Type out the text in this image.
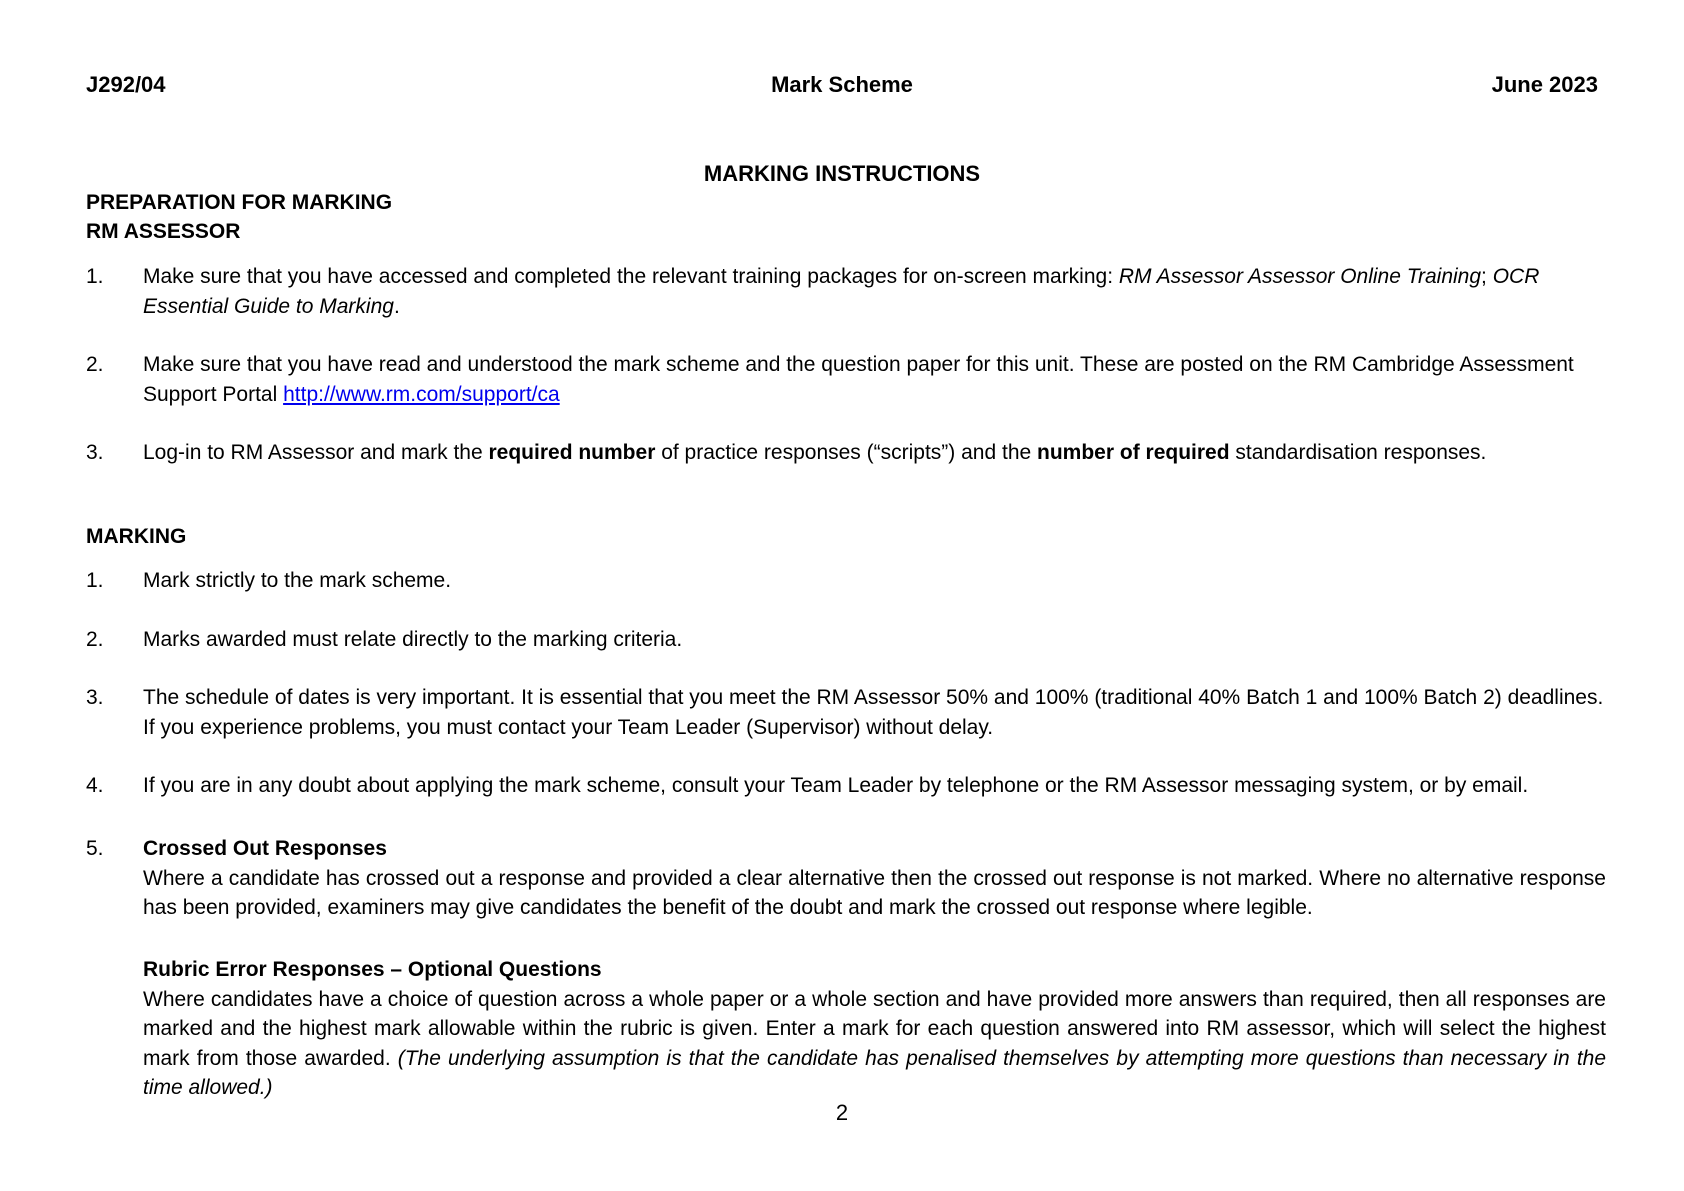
J292/04	Mark Scheme	June 2023
MARKING INSTRUCTIONS
PREPARATION FOR MARKING
RM ASSESSOR
1. Make sure that you have accessed and completed the relevant training packages for on-screen marking: RM Assessor Assessor Online Training; OCR Essential Guide to Marking.
2. Make sure that you have read and understood the mark scheme and the question paper for this unit. These are posted on the RM Cambridge Assessment Support Portal http://www.rm.com/support/ca
3. Log-in to RM Assessor and mark the required number of practice responses (“scripts”) and the number of required standardisation responses.
MARKING
1. Mark strictly to the mark scheme.
2. Marks awarded must relate directly to the marking criteria.
3. The schedule of dates is very important. It is essential that you meet the RM Assessor 50% and 100% (traditional 40% Batch 1 and 100% Batch 2) deadlines. If you experience problems, you must contact your Team Leader (Supervisor) without delay.
4. If you are in any doubt about applying the mark scheme, consult your Team Leader by telephone or the RM Assessor messaging system, or by email.
5. Crossed Out Responses
Where a candidate has crossed out a response and provided a clear alternative then the crossed out response is not marked. Where no alternative response has been provided, examiners may give candidates the benefit of the doubt and mark the crossed out response where legible.
Rubric Error Responses – Optional Questions
Where candidates have a choice of question across a whole paper or a whole section and have provided more answers than required, then all responses are marked and the highest mark allowable within the rubric is given. Enter a mark for each question answered into RM assessor, which will select the highest mark from those awarded. (The underlying assumption is that the candidate has penalised themselves by attempting more questions than necessary in the time allowed.)
2
